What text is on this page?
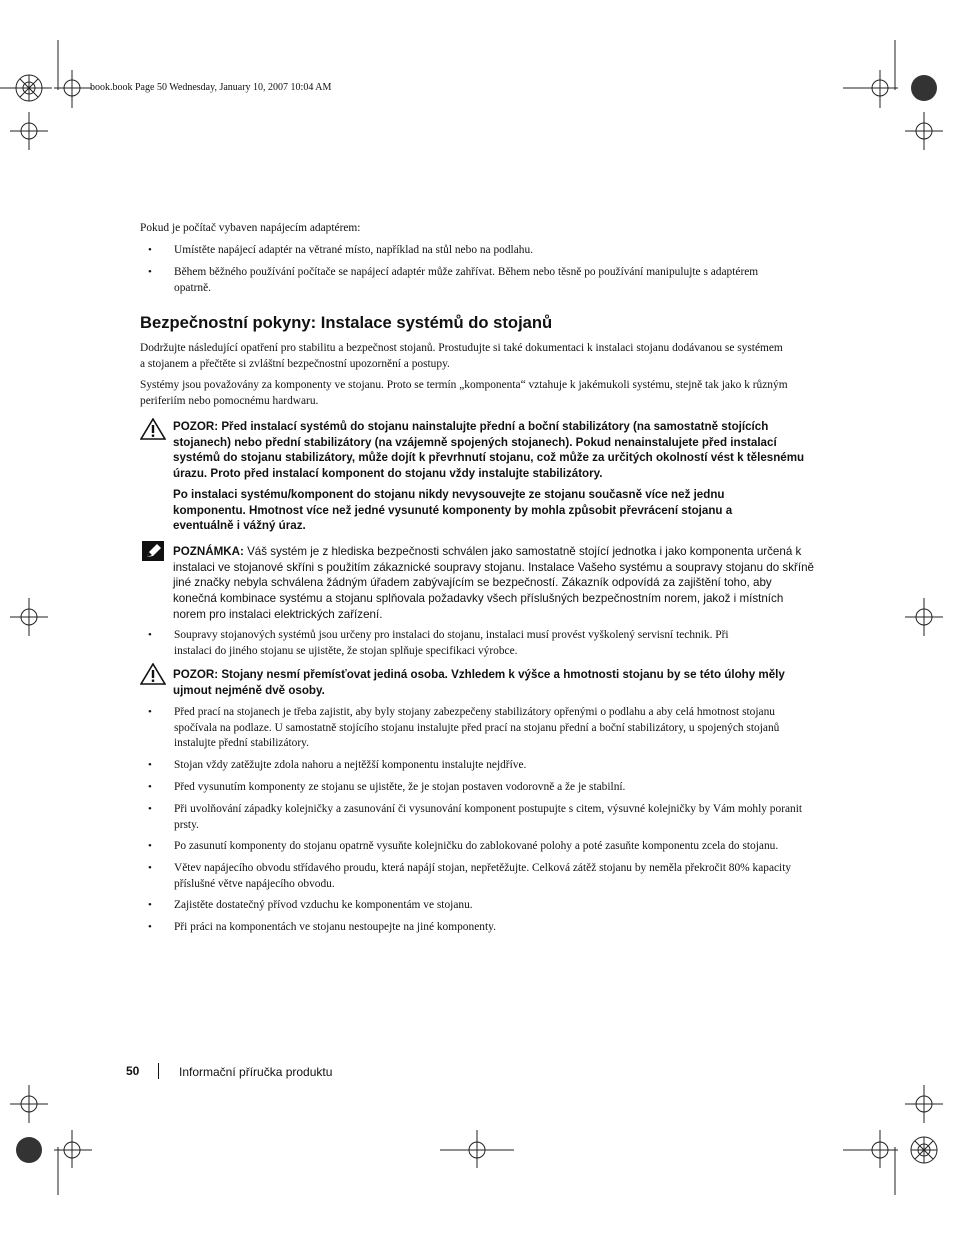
book.book Page 50 Wednesday, January 10, 2007 10:04 AM
Pokud je počítač vybaven napájecím adaptérem:
• Umístěte napájecí adaptér na větrané místo, například na stůl nebo na podlahu.
• Během běžného používání počítače se napájecí adaptér může zahřívat. Během nebo těsně po používání manipulujte s adaptérem opatrně.
Bezpečnostní pokyny: Instalace systémů do stojanů
Dodržujte následující opatření pro stabilitu a bezpečnost stojanů. Prostudujte si také dokumentaci k instalaci stojanu dodávanou se systémem a stojanem a přečtěte si zvláštní bezpečnostní upozornění a postupy.
Systémy jsou považovány za komponenty ve stojanu. Proto se termín „komponenta“ vztahuje k jakémukoli systému, stejně tak jako k různým periferiím nebo pomocnému hardwaru.
POZOR: Před instalací systémů do stojanu nainstalujte přední a boční stabilizátory (na samostatně stojících stojanech) nebo přední stabilizátory (na vzájemně spojených stojanech). Pokud nenainstalujete před instalací systémů do stojanu stabilizátory, může dojít k převrhnutí stojanu, což může za určitých okolností vést k tělesnému úrazu. Proto před instalací komponent do stojanu vždy instalujte stabilizátory.
Po instalaci systému/komponent do stojanu nikdy nevysouvejte ze stojanu současně více než jednu komponentu. Hmotnost více než jedné vysunuté komponenty by mohla způsobit převrácení stojanu a eventuálně i vážný úraz.
POZNÁMKA: Váš systém je z hlediska bezpečnosti schválen jako samostatně stojící jednotka i jako komponenta určená k instalaci ve stojanové skříni s použitím zákaznické soupravy stojanu. Instalace Vašeho systému a soupravy stojanu do skříně jiné značky nebyla schválena žádným úřadem zabývajícím se bezpečností. Zákazník odpovídá za zajištění toho, aby konečná kombinace systému a stojanu splňovala požadavky všech příslušných bezpečnostním norem, jakož i místních norem pro instalaci elektrických zařízení.
• Soupravy stojanových systémů jsou určeny pro instalaci do stojanu, instalaci musí provést vyškolený servisní technik. Při instalaci do jiného stojanu se ujistěte, že stojan splňuje specifikaci výrobce.
POZOR: Stojany nesmí přemísťovat jediná osoba. Vzhledem k výšce a hmotnosti stojanu by se této úlohy měly ujmout nejméně dvě osoby.
• Před prací na stojanech je třeba zajistit, aby byly stojany zabezpečeny stabilizátory opřenými o podlahu a aby celá hmotnost stojanu spočívala na podlaze. U samostatně stojícího stojanu instalujte před prací na stojanu přední a boční stabilizátory, u spojených stojanů instalujte přední stabilizátory.
• Stojan vždy zatěžujte zdola nahoru a nejtěžší komponentu instalujte nejdříve.
• Před vysunutím komponenty ze stojanu se ujistěte, že je stojan postaven vodorovně a že je stabilní.
• Při uvolňování západky kolejničky a zasunování či vysunování komponent postupujte s citem, výsuvné kolejničky by Vám mohly poranit prsty.
• Po zasunutí komponenty do stojanu opatrně vysuňte kolejničku do zablokované polohy a poté zasuňte komponentu zcela do stojanu.
• Větev napájecího obvodu střídavého proudu, která napájí stojan, nepřetěžujte. Celková zátěž stojanu by neměla překročit 80% kapacity příslušné větve napájecího obvodu.
• Zajistěte dostatečný přívod vzduchu ke komponentám ve stojanu.
• Při práci na komponentách ve stojanu nestoupejte na jiné komponenty.
50	Informační příručka produktu
